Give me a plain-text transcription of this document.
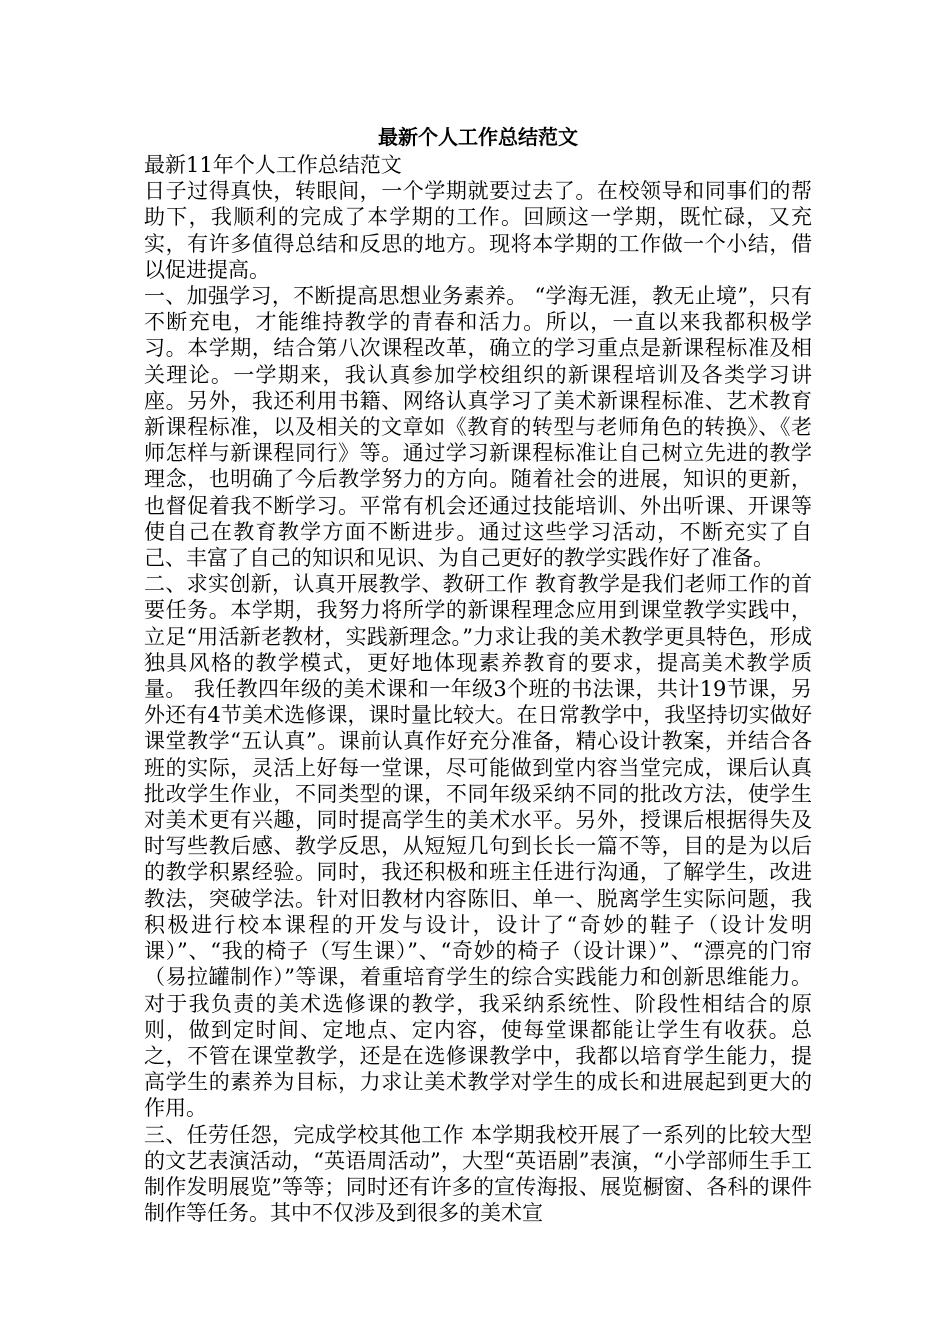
最新个人工作总结范文

最新11年个人工作总结范文

日子过得真快，转眼间，一个学期就要过去了。在校领导和同事们的帮助下，我顺利的完成了本学期的工作。回顾这一学期，既忙碌，又充实，有许多值得总结和反思的地方。现将本学期的工作做一个小结，借以促进提高。

一、加强学习，不断提高思想业务素养。 “学海无涯，教无止境”，只有不断充电，才能维持教学的青春和活力。所以，一直以来我都积极学习。本学期，结合第八次课程改革，确立的学习重点是新课程标准及相关理论。一学期来，我认真参加学校组织的新课程培训及各类学习讲座。另外，我还利用书籍、网络认真学习了美术新课程标准、艺术教育新课程标准，以及相关的文章如《教育的转型与老师角色的转换》、《老师怎样与新课程同行》等。通过学习新课程标准让自己树立先进的教学理念，也明确了今后教学努力的方向。随着社会的进展，知识的更新，也督促着我不断学习。平常有机会还通过技能培训、外出听课、开课等使自己在教育教学方面不断进步。通过这些学习活动，不断充实了自己、丰富了自己的知识和见识、为自己更好的教学实践作好了准备。

二、求实创新，认真开展教学、教研工作 教育教学是我们老师工作的首要任务。本学期，我努力将所学的新课程理念应用到课堂教学实践中，立足“用活新老教材，实践新理念。”力求让我的美术教学更具特色，形成独具风格的教学模式，更好地体现素养教育的要求，提高美术教学质量。 我任教四年级的美术课和一年级3个班的书法课，共计19节课，另外还有4节美术选修课，课时量比较大。在日常教学中，我坚持切实做好课堂教学“五认真”。课前认真作好充分准备，精心设计教案，并结合各班的实际，灵活上好每一堂课，尽可能做到堂内容当堂完成，课后认真批改学生作业，不同类型的课，不同年级采纳不同的批改方法，使学生对美术更有兴趣，同时提高学生的美术水平。另外，授课后根据得失及时写些教后感、教学反思，从短短几句到长长一篇不等，目的是为以后的教学积累经验。同时，我还积极和班主任进行沟通，了解学生，改进教法，突破学法。针对旧教材内容陈旧、单一、脱离学生实际问题，我积极进行校本课程的开发与设计，设计了“奇妙的鞋子（设计发明课）”、“我的椅子（写生课）”、“奇妙的椅子（设计课）”、“漂亮的门帘（易拉罐制作）”等课，着重培育学生的综合实践能力和创新思维能力。 对于我负责的美术选修课的教学，我采纳系统性、阶段性相结合的原则，做到定时间、定地点、定内容，使每堂课都能让学生有收获。总之，不管在课堂教学，还是在选修课教学中，我都以培育学生能力，提高学生的素养为目标，力求让美术教学对学生的成长和进展起到更大的作用。

三、任劳任怨，完成学校其他工作 本学期我校开展了一系列的比较大型的文艺表演活动，“英语周活动”，大型“英语剧”表演，“小学部师生手工制作发明展览”等等；同时还有许多的宣传海报、展览橱窗、各科的课件制作等任务。其中不仅涉及到很多的美术宣
